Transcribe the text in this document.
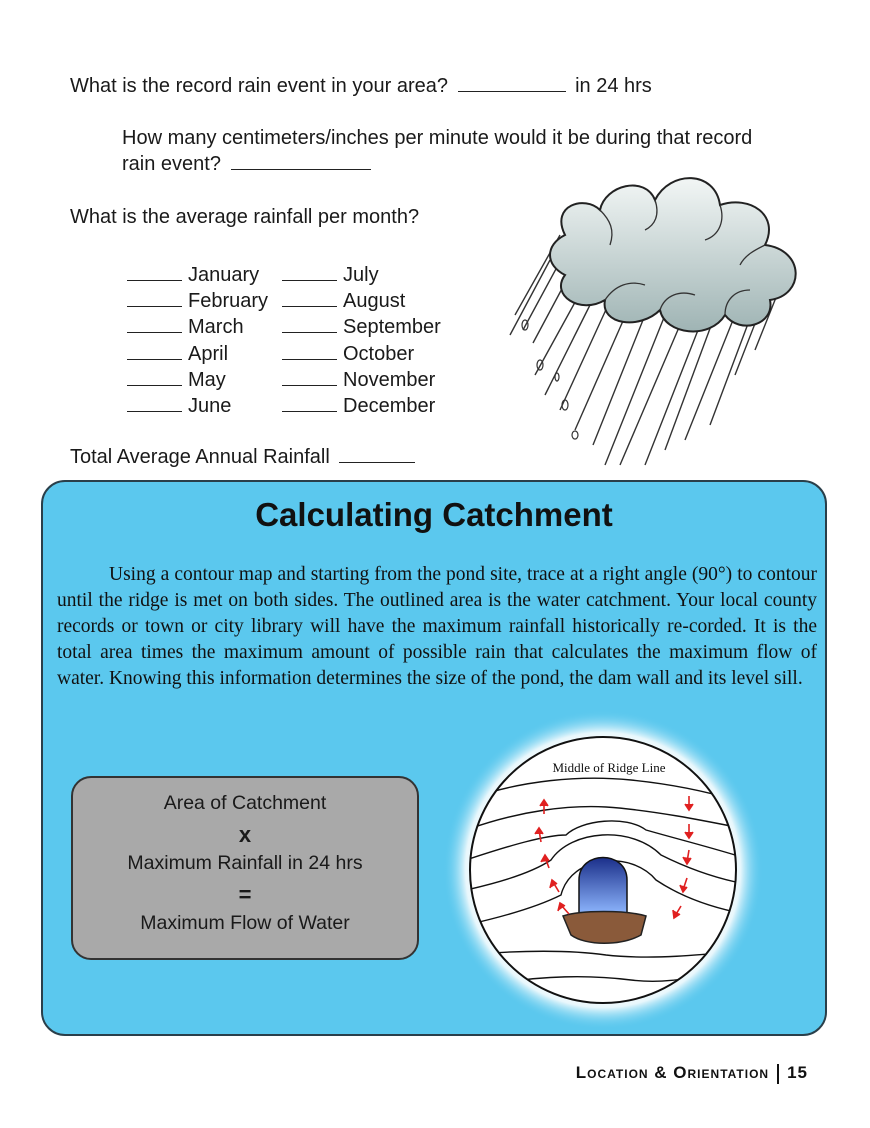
What is the record rain event in your area?	in 24 hrs
How many centimeters/inches per minute would it be during that record
rain event?
What is the average rainfall per month?
January	July
February	August
March	September
April	October
May	November
June	December
Total Average Annual Rainfall
Calculating Catchment
Using a contour map and starting from the pond site, trace at a right angle (90°) to contour until the ridge is met on both sides. The outlined area is the water catchment. Your local county records or town or city library will have the maximum rainfall historically re-corded. It is the total area times the maximum amount of possible rain that calculates the maximum flow of water. Knowing this information determines the size of the pond, the dam wall and its level sill.
Area of Catchment
x
Maximum Rainfall in 24 hrs
=
Maximum Flow of Water
Middle of Ridge Line
Location & Orientation 15
